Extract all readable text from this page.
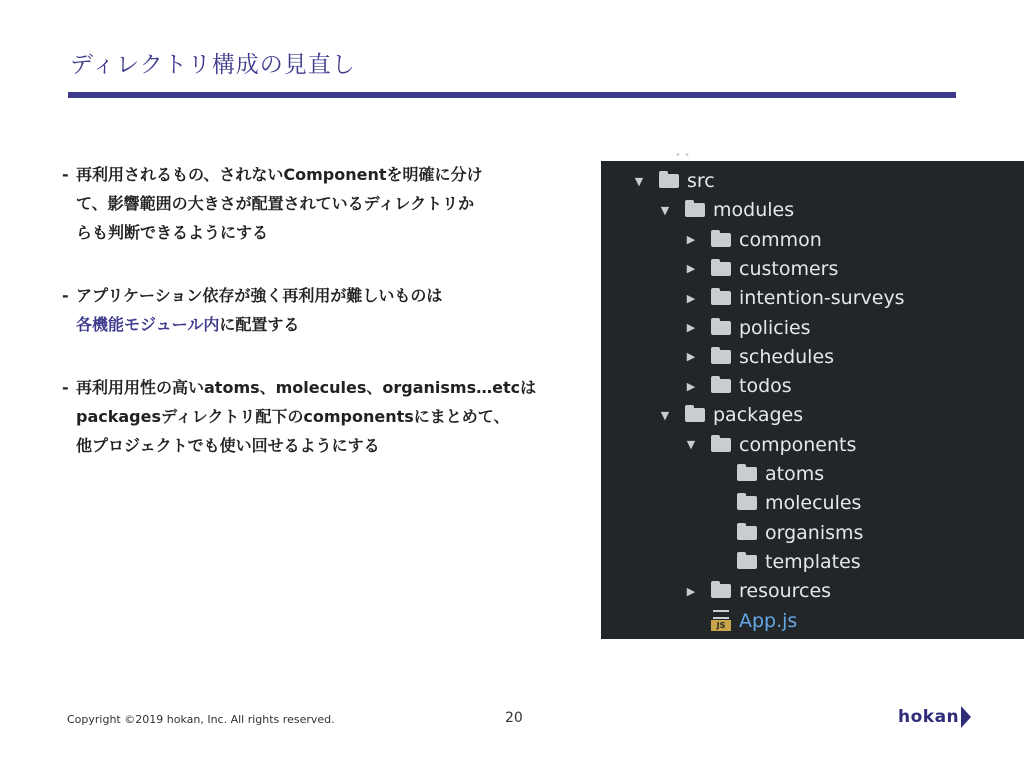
ディレクトリ構成の見直し
- 再利用されるもの、されないComponentを明確に分け
て、影響範囲の大きさが配置されているディレクトリか
らも判断できるようにする
- アプリケーション依存が強く再利用が難しいものは
各機能モジュール内に配置する
- 再利用用性の高いatoms、molecules、organisms…etcは
packagesディレクトリ配下のcomponentsにまとめて、
他プロジェクトでも使い回せるようにする
▼ src
▼ modules
▶ common
▶ customers
▶ intention-surveys
▶ policies
▶ schedules
▶ todos
▼ packages
▼ components
atoms
molecules
organisms
templates
▶ resources
JS App.js
• •
Copyright ©2019 hokan, Inc. All rights reserved.	20	hokan
